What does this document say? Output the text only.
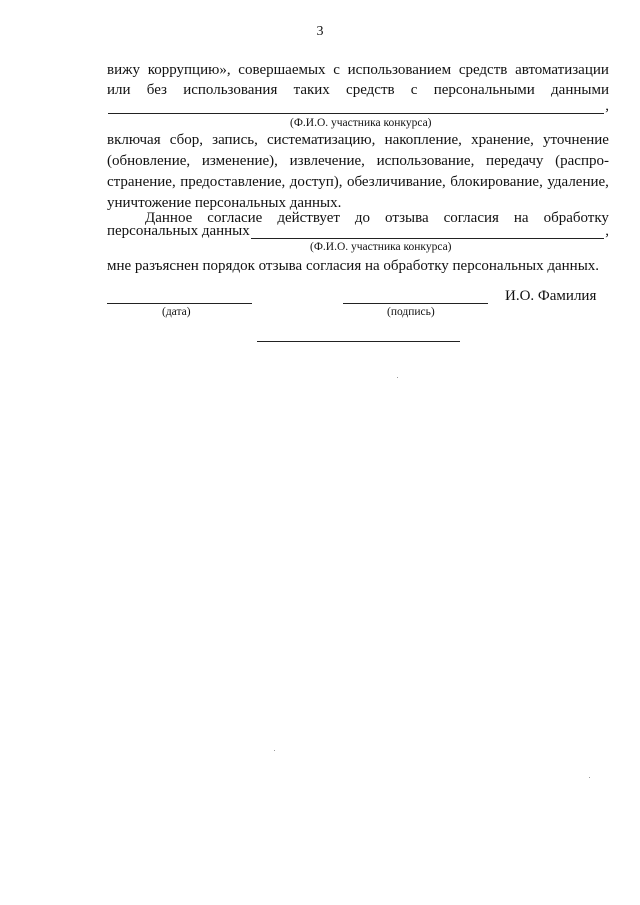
3
вижу коррупцию», совершаемых с использованием средств автоматизации
или без использования таких средств с персональными данными
,
(Ф.И.О. участника конкурса)
включая сбор, запись, систематизацию, накопление, хранение, уточнение
(обновление, изменение), извлечение, использование, передачу (распро-
странение, предоставление, доступ), обезличивание, блокирование, удаление,
уничтожение персональных данных.
Данное согласие действует до отзыва согласия на обработку
персональных данных	,
(Ф.И.О. участника конкурса)
мне разъяснен порядок отзыва согласия на обработку персональных данных.
(дата)	(подпись)
И.О. Фамилия
